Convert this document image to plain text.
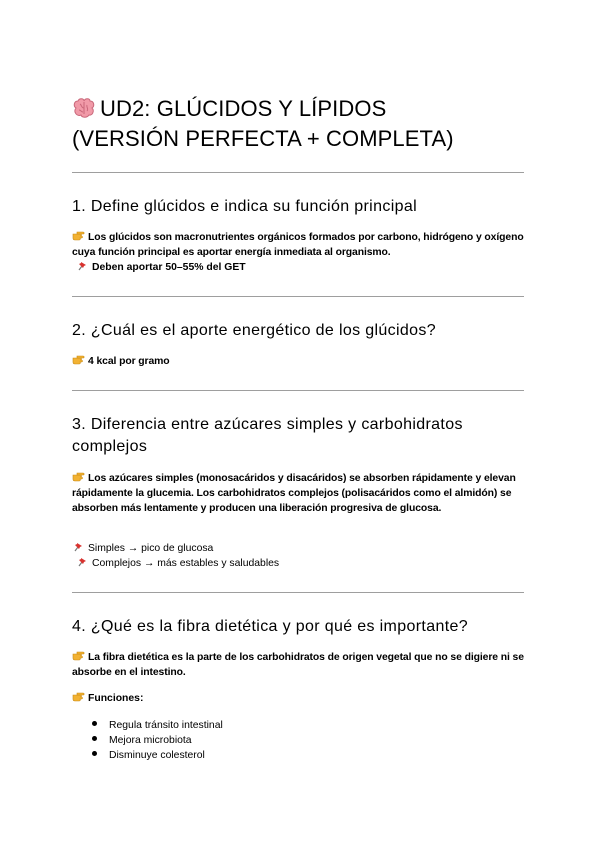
UD2: GLÚCIDOS Y LÍPIDOS
(VERSIÓN PERFECTA + COMPLETA)
1. Define glúcidos e indica su función principal
Los glúcidos son macronutrientes orgánicos formados por carbono, hidrógeno y oxígeno cuya función principal es aportar energía inmediata al organismo.
Deben aportar 50–55% del GET
2. ¿Cuál es el aporte energético de los glúcidos?
4 kcal por gramo
3. Diferencia entre azúcares simples y carbohidratos complejos
Los azúcares simples (monosacáridos y disacáridos) se absorben rápidamente y elevan rápidamente la glucemia. Los carbohidratos complejos (polisacáridos como el almidón) se absorben más lentamente y producen una liberación progresiva de glucosa.
Simples → pico de glucosa
Complejos → más estables y saludables
4. ¿Qué es la fibra dietética y por qué es importante?
La fibra dietética es la parte de los carbohidratos de origen vegetal que no se digiere ni se absorbe en el intestino.
Funciones:
Regula tránsito intestinal
Mejora microbiota
Disminuye colesterol
